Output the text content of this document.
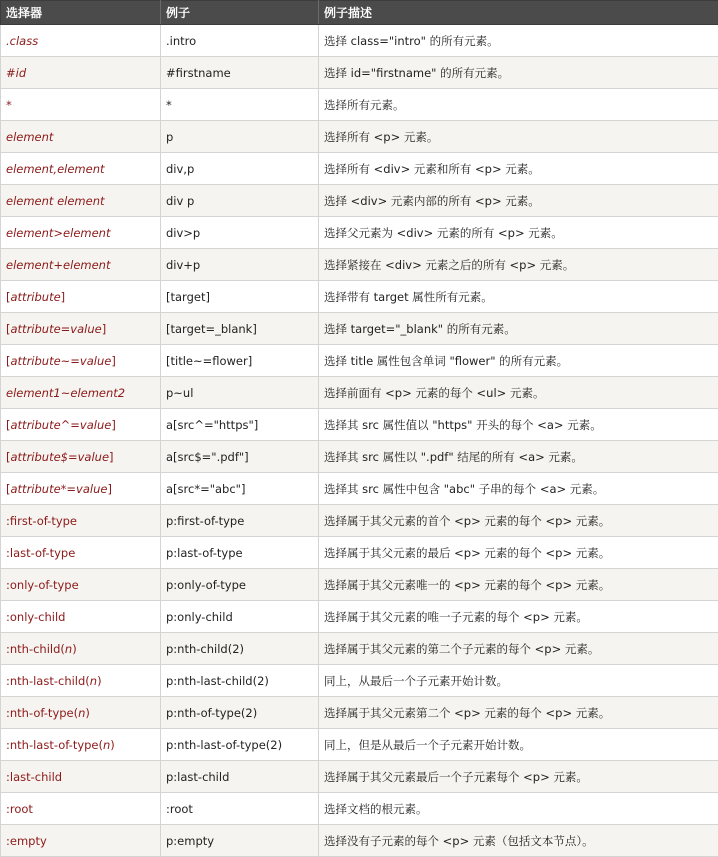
选择器	例子	例子描述
.class	.intro	选择 class="intro" 的所有元素。
#id	#firstname	选择 id="firstname" 的所有元素。
*	*	选择所有元素。
element	p	选择所有 <p> 元素。
element,element	div,p	选择所有 <div> 元素和所有 <p> 元素。
element element	div p	选择 <div> 元素内部的所有 <p> 元素。
element>element	div>p	选择父元素为 <div> 元素的所有 <p> 元素。
element+element	div+p	选择紧接在 <div> 元素之后的所有 <p> 元素。
[attribute]	[target]	选择带有 target 属性所有元素。
[attribute=value]	[target=_blank]	选择 target="_blank" 的所有元素。
[attribute~=value]	[title~=flower]	选择 title 属性包含单词 "flower" 的所有元素。
element1~element2	p~ul	选择前面有 <p> 元素的每个 <ul> 元素。
[attribute^=value]	a[src^="https"]	选择其 src 属性值以 "https" 开头的每个 <a> 元素。
[attribute$=value]	a[src$=".pdf"]	选择其 src 属性以 ".pdf" 结尾的所有 <a> 元素。
[attribute*=value]	a[src*="abc"]	选择其 src 属性中包含 "abc" 子串的每个 <a> 元素。
:first-of-type	p:first-of-type	选择属于其父元素的首个 <p> 元素的每个 <p> 元素。
:last-of-type	p:last-of-type	选择属于其父元素的最后 <p> 元素的每个 <p> 元素。
:only-of-type	p:only-of-type	选择属于其父元素唯一的 <p> 元素的每个 <p> 元素。
:only-child	p:only-child	选择属于其父元素的唯一子元素的每个 <p> 元素。
:nth-child(n)	p:nth-child(2)	选择属于其父元素的第二个子元素的每个 <p> 元素。
:nth-last-child(n)	p:nth-last-child(2)	同上，从最后一个子元素开始计数。
:nth-of-type(n)	p:nth-of-type(2)	选择属于其父元素第二个 <p> 元素的每个 <p> 元素。
:nth-last-of-type(n)	p:nth-last-of-type(2)	同上，但是从最后一个子元素开始计数。
:last-child	p:last-child	选择属于其父元素最后一个子元素每个 <p> 元素。
:root	:root	选择文档的根元素。
:empty	p:empty	选择没有子元素的每个 <p> 元素（包括文本节点）。
